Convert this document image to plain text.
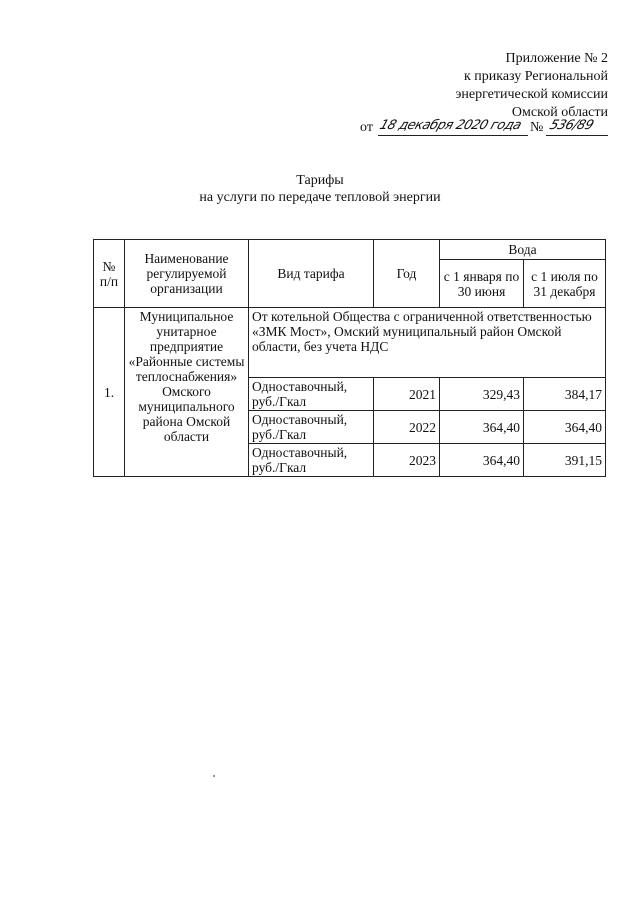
Приложение № 2
к приказу Региональной
энергетической комиссии
Омской области
от 18 декабря 2020 года № 536/89
Тарифы
на услуги по передаче тепловой энергии
№ п/п	Наименование регулируемой организации	Вид тарифа	Год	Вода	
				с 1 января по 30 июня	с 1 июля по 31 декабря
1.	Муниципальное унитарное предприятие «Районные системы теплоснабжения» Омского муниципального района Омской области	От котельной Общества с ограниченной ответственностью «ЗМК Мост», Омский муниципальный район Омской области, без учета НДС			
		Одноставочный, руб./Гкал	2021	329,43	384,17
		Одноставочный, руб./Гкал	2022	364,40	364,40
		Одноставочный, руб./Гкал	2023	364,40	391,15
